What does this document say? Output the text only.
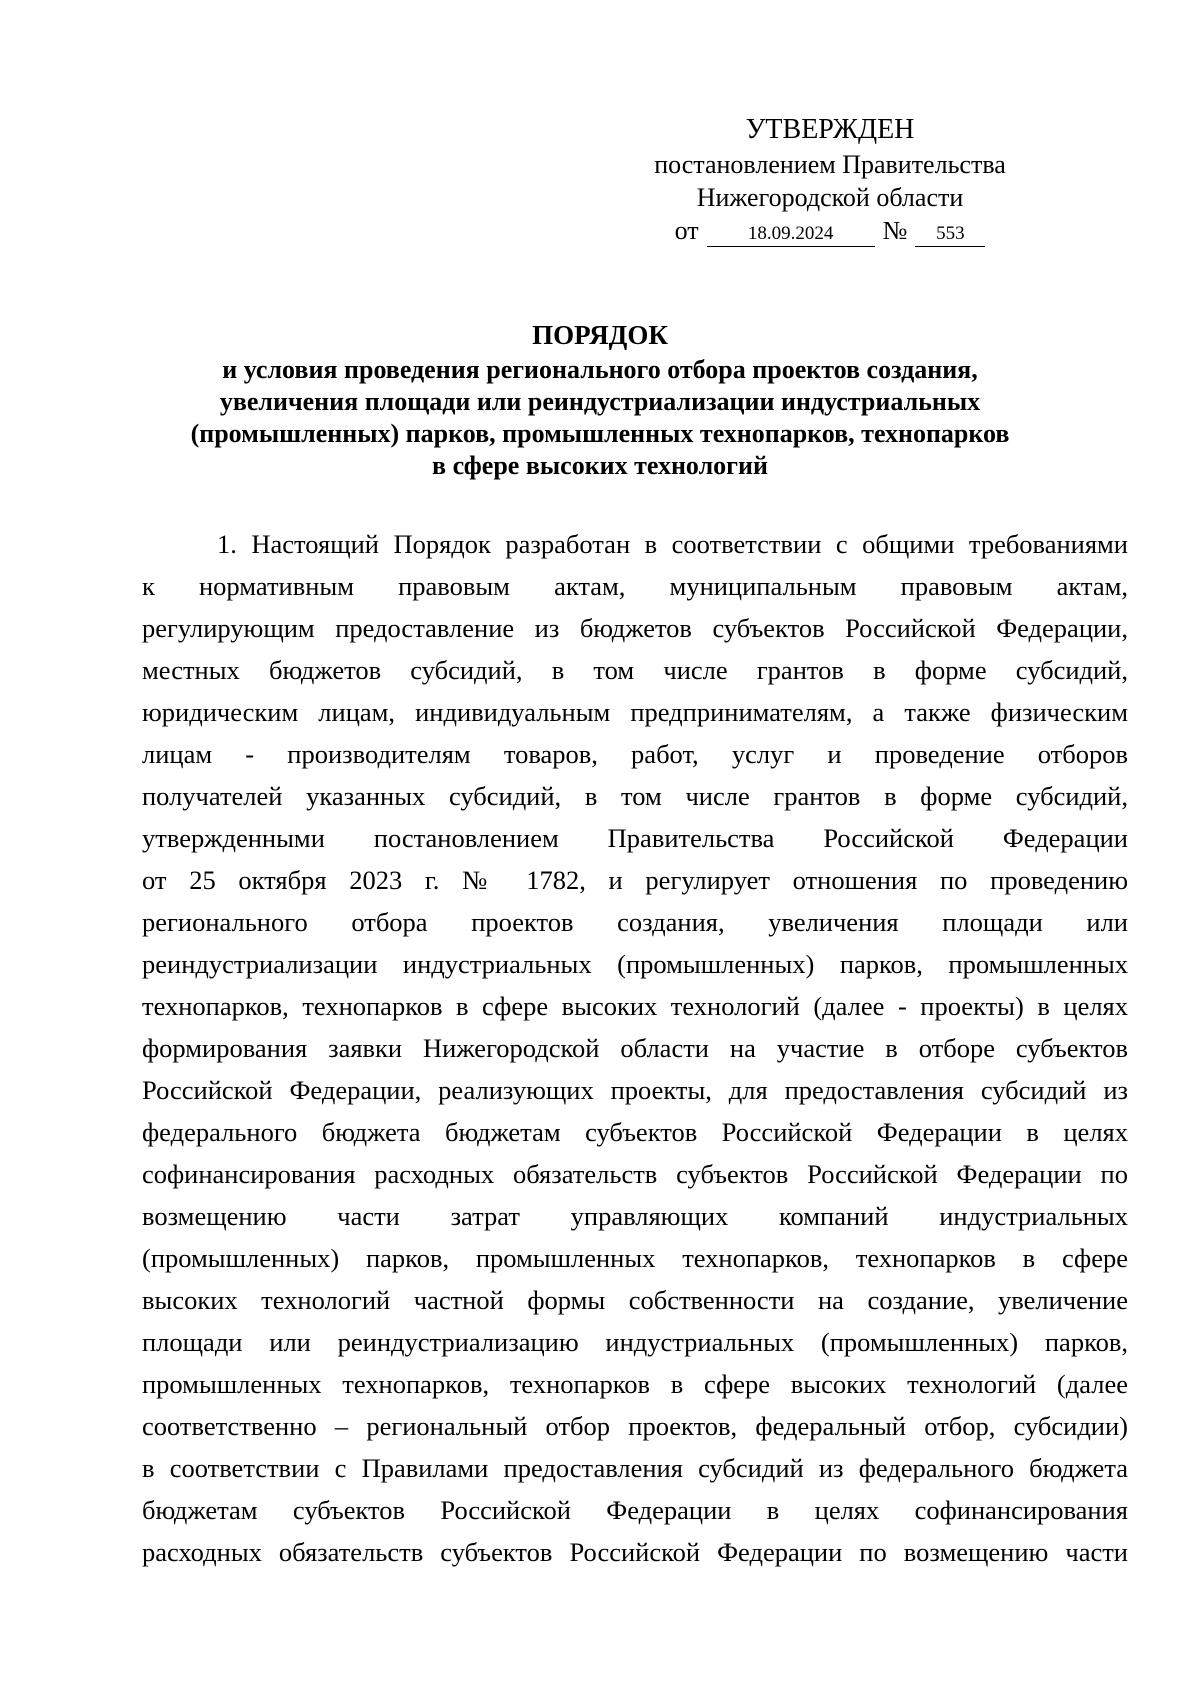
УТВЕРЖДЕН
постановлением Правительства
Нижегородской области
от	18.09.2024	№	553
ПОРЯДОК
и условия проведения регионального отбора проектов создания,
увеличения площади или реиндустриализации индустриальных
(промышленных) парков, промышленных технопарков, технопарков
в сфере высоких технологий
1. Настоящий Порядок разработан в соответствии с общими требованиями
к нормативным правовым актам, муниципальным правовым актам,
регулирующим предоставление из бюджетов субъектов Российской Федерации,
местных бюджетов субсидий, в том числе грантов в форме субсидий,
юридическим лицам, индивидуальным предпринимателям, а также физическим
лицам - производителям товаров, работ, услуг и проведение отборов
получателей указанных субсидий, в том числе грантов в форме субсидий,
утвержденными постановлением Правительства Российской Федерации
от 25 октября 2023 г. № 1782, и регулирует отношения по проведению
регионального отбора проектов создания, увеличения площади или
реиндустриализации индустриальных (промышленных) парков, промышленных
технопарков, технопарков в сфере высоких технологий (далее - проекты) в целях
формирования заявки Нижегородской области на участие в отборе субъектов
Российской Федерации, реализующих проекты, для предоставления субсидий из
федерального бюджета бюджетам субъектов Российской Федерации в целях
софинансирования расходных обязательств субъектов Российской Федерации по
возмещению части затрат управляющих компаний индустриальных
(промышленных) парков, промышленных технопарков, технопарков в сфере
высоких технологий частной формы собственности на создание, увеличение
площади или реиндустриализацию индустриальных (промышленных) парков,
промышленных технопарков, технопарков в сфере высоких технологий (далее
соответственно – региональный отбор проектов, федеральный отбор, субсидии)
в соответствии с Правилами предоставления субсидий из федерального бюджета
бюджетам субъектов Российской Федерации в целях софинансирования
расходных обязательств субъектов Российской Федерации по возмещению части
